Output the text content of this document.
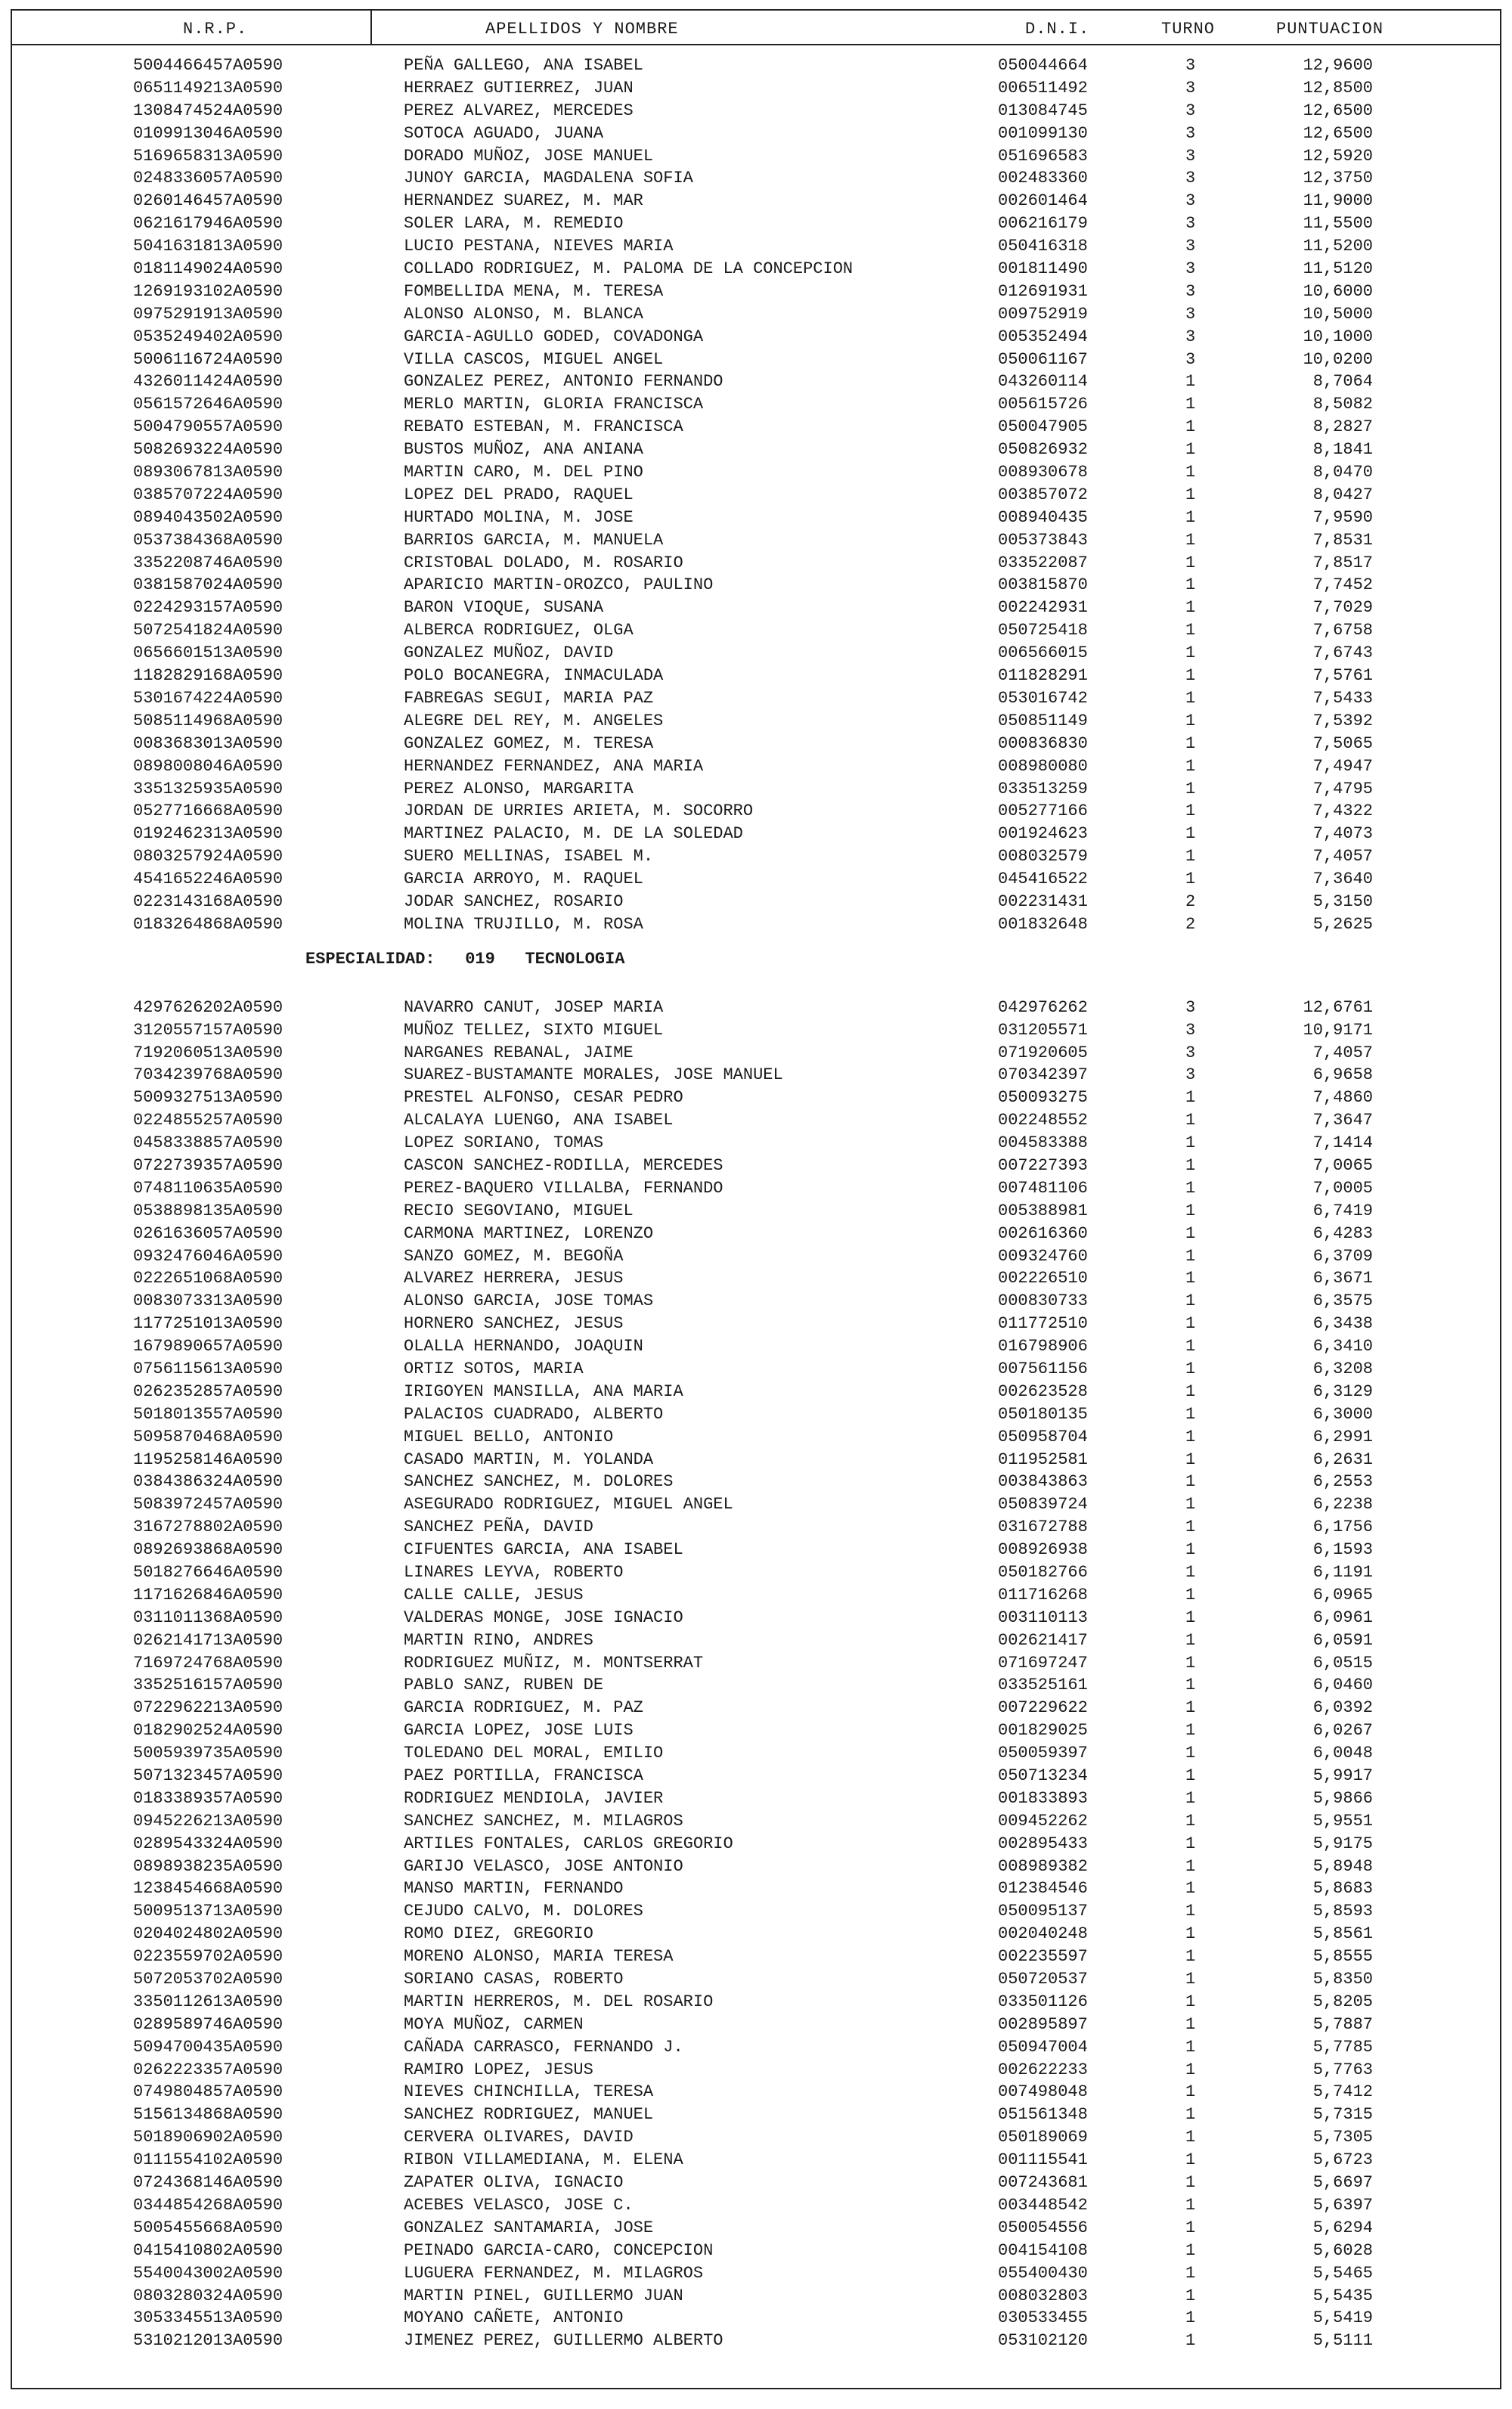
N.R.P.	APELLIDOS Y NOMBRE	D.N.I.	TURNO	PUNTUACION
5004466457A0590	PEÑA GALLEGO, ANA ISABEL	050044664	3	12,9600
0651149213A0590	HERRAEZ GUTIERREZ, JUAN	006511492	3	12,8500
1308474524A0590	PEREZ ALVAREZ, MERCEDES	013084745	3	12,6500
0109913046A0590	SOTOCA AGUADO, JUANA	001099130	3	12,6500
5169658313A0590	DORADO MUÑOZ, JOSE MANUEL	051696583	3	12,5920
0248336057A0590	JUNOY GARCIA, MAGDALENA SOFIA	002483360	3	12,3750
0260146457A0590	HERNANDEZ SUAREZ, M. MAR	002601464	3	11,9000
0621617946A0590	SOLER LARA, M. REMEDIO	006216179	3	11,5500
5041631813A0590	LUCIO PESTANA, NIEVES MARIA	050416318	3	11,5200
0181149024A0590	COLLADO RODRIGUEZ, M. PALOMA DE LA CONCEPCION	001811490	3	11,5120
1269193102A0590	FOMBELLIDA MENA, M. TERESA	012691931	3	10,6000
0975291913A0590	ALONSO ALONSO, M. BLANCA	009752919	3	10,5000
0535249402A0590	GARCIA-AGULLO GODED, COVADONGA	005352494	3	10,1000
5006116724A0590	VILLA CASCOS, MIGUEL ANGEL	050061167	3	10,0200
4326011424A0590	GONZALEZ PEREZ, ANTONIO FERNANDO	043260114	1	8,7064
0561572646A0590	MERLO MARTIN, GLORIA FRANCISCA	005615726	1	8,5082
5004790557A0590	REBATO ESTEBAN, M. FRANCISCA	050047905	1	8,2827
5082693224A0590	BUSTOS MUÑOZ, ANA ANIANA	050826932	1	8,1841
0893067813A0590	MARTIN CARO, M. DEL PINO	008930678	1	8,0470
0385707224A0590	LOPEZ DEL PRADO, RAQUEL	003857072	1	8,0427
0894043502A0590	HURTADO MOLINA, M. JOSE	008940435	1	7,9590
0537384368A0590	BARRIOS GARCIA, M. MANUELA	005373843	1	7,8531
3352208746A0590	CRISTOBAL DOLADO, M. ROSARIO	033522087	1	7,8517
0381587024A0590	APARICIO MARTIN-OROZCO, PAULINO	003815870	1	7,7452
0224293157A0590	BARON VIOQUE, SUSANA	002242931	1	7,7029
5072541824A0590	ALBERCA RODRIGUEZ, OLGA	050725418	1	7,6758
0656601513A0590	GONZALEZ MUÑOZ, DAVID	006566015	1	7,6743
1182829168A0590	POLO BOCANEGRA, INMACULADA	011828291	1	7,5761
5301674224A0590	FABREGAS SEGUI, MARIA PAZ	053016742	1	7,5433
5085114968A0590	ALEGRE DEL REY, M. ANGELES	050851149	1	7,5392
0083683013A0590	GONZALEZ GOMEZ, M. TERESA	000836830	1	7,5065
0898008046A0590	HERNANDEZ FERNANDEZ, ANA MARIA	008980080	1	7,4947
3351325935A0590	PEREZ ALONSO, MARGARITA	033513259	1	7,4795
0527716668A0590	JORDAN DE URRIES ARIETA, M. SOCORRO	005277166	1	7,4322
0192462313A0590	MARTINEZ PALACIO, M. DE LA SOLEDAD	001924623	1	7,4073
0803257924A0590	SUERO MELLINAS, ISABEL M.	008032579	1	7,4057
4541652246A0590	GARCIA ARROYO, M. RAQUEL	045416522	1	7,3640
0223143168A0590	JODAR SANCHEZ, ROSARIO	002231431	2	5,3150
0183264868A0590	MOLINA TRUJILLO, M. ROSA	001832648	2	5,2625
ESPECIALIDAD:   019   TECNOLOGIA
4297626202A0590	NAVARRO CANUT, JOSEP MARIA	042976262	3	12,6761
3120557157A0590	MUÑOZ TELLEZ, SIXTO MIGUEL	031205571	3	10,9171
7192060513A0590	NARGANES REBANAL, JAIME	071920605	3	7,4057
7034239768A0590	SUAREZ-BUSTAMANTE MORALES, JOSE MANUEL	070342397	3	6,9658
5009327513A0590	PRESTEL ALFONSO, CESAR PEDRO	050093275	1	7,4860
0224855257A0590	ALCALAYA LUENGO, ANA ISABEL	002248552	1	7,3647
0458338857A0590	LOPEZ SORIANO, TOMAS	004583388	1	7,1414
0722739357A0590	CASCON SANCHEZ-RODILLA, MERCEDES	007227393	1	7,0065
0748110635A0590	PEREZ-BAQUERO VILLALBA, FERNANDO	007481106	1	7,0005
0538898135A0590	RECIO SEGOVIANO, MIGUEL	005388981	1	6,7419
0261636057A0590	CARMONA MARTINEZ, LORENZO	002616360	1	6,4283
0932476046A0590	SANZO GOMEZ, M. BEGOÑA	009324760	1	6,3709
0222651068A0590	ALVAREZ HERRERA, JESUS	002226510	1	6,3671
0083073313A0590	ALONSO GARCIA, JOSE TOMAS	000830733	1	6,3575
1177251013A0590	HORNERO SANCHEZ, JESUS	011772510	1	6,3438
1679890657A0590	OLALLA HERNANDO, JOAQUIN	016798906	1	6,3410
0756115613A0590	ORTIZ SOTOS, MARIA	007561156	1	6,3208
0262352857A0590	IRIGOYEN MANSILLA, ANA MARIA	002623528	1	6,3129
5018013557A0590	PALACIOS CUADRADO, ALBERTO	050180135	1	6,3000
5095870468A0590	MIGUEL BELLO, ANTONIO	050958704	1	6,2991
1195258146A0590	CASADO MARTIN, M. YOLANDA	011952581	1	6,2631
0384386324A0590	SANCHEZ SANCHEZ, M. DOLORES	003843863	1	6,2553
5083972457A0590	ASEGURADO RODRIGUEZ, MIGUEL ANGEL	050839724	1	6,2238
3167278802A0590	SANCHEZ PEÑA, DAVID	031672788	1	6,1756
0892693868A0590	CIFUENTES GARCIA, ANA ISABEL	008926938	1	6,1593
5018276646A0590	LINARES LEYVA, ROBERTO	050182766	1	6,1191
1171626846A0590	CALLE CALLE, JESUS	011716268	1	6,0965
0311011368A0590	VALDERAS MONGE, JOSE IGNACIO	003110113	1	6,0961
0262141713A0590	MARTIN RINO, ANDRES	002621417	1	6,0591
7169724768A0590	RODRIGUEZ MUÑIZ, M. MONTSERRAT	071697247	1	6,0515
3352516157A0590	PABLO SANZ, RUBEN DE	033525161	1	6,0460
0722962213A0590	GARCIA RODRIGUEZ, M. PAZ	007229622	1	6,0392
0182902524A0590	GARCIA LOPEZ, JOSE LUIS	001829025	1	6,0267
5005939735A0590	TOLEDANO DEL MORAL, EMILIO	050059397	1	6,0048
5071323457A0590	PAEZ PORTILLA, FRANCISCA	050713234	1	5,9917
0183389357A0590	RODRIGUEZ MENDIOLA, JAVIER	001833893	1	5,9866
0945226213A0590	SANCHEZ SANCHEZ, M. MILAGROS	009452262	1	5,9551
0289543324A0590	ARTILES FONTALES, CARLOS GREGORIO	002895433	1	5,9175
0898938235A0590	GARIJO VELASCO, JOSE ANTONIO	008989382	1	5,8948
1238454668A0590	MANSO MARTIN, FERNANDO	012384546	1	5,8683
5009513713A0590	CEJUDO CALVO, M. DOLORES	050095137	1	5,8593
0204024802A0590	ROMO DIEZ, GREGORIO	002040248	1	5,8561
0223559702A0590	MORENO ALONSO, MARIA TERESA	002235597	1	5,8555
5072053702A0590	SORIANO CASAS, ROBERTO	050720537	1	5,8350
3350112613A0590	MARTIN HERREROS, M. DEL ROSARIO	033501126	1	5,8205
0289589746A0590	MOYA MUÑOZ, CARMEN	002895897	1	5,7887
5094700435A0590	CAÑADA CARRASCO, FERNANDO J.	050947004	1	5,7785
0262223357A0590	RAMIRO LOPEZ, JESUS	002622233	1	5,7763
0749804857A0590	NIEVES CHINCHILLA, TERESA	007498048	1	5,7412
5156134868A0590	SANCHEZ RODRIGUEZ, MANUEL	051561348	1	5,7315
5018906902A0590	CERVERA OLIVARES, DAVID	050189069	1	5,7305
0111554102A0590	RIBON VILLAMEDIANA, M. ELENA	001115541	1	5,6723
0724368146A0590	ZAPATER OLIVA, IGNACIO	007243681	1	5,6697
0344854268A0590	ACEBES VELASCO, JOSE C.	003448542	1	5,6397
5005455668A0590	GONZALEZ SANTAMARIA, JOSE	050054556	1	5,6294
0415410802A0590	PEINADO GARCIA-CARO, CONCEPCION	004154108	1	5,6028
5540043002A0590	LUGUERA FERNANDEZ, M. MILAGROS	055400430	1	5,5465
0803280324A0590	MARTIN PINEL, GUILLERMO JUAN	008032803	1	5,5435
3053345513A0590	MOYANO CAÑETE, ANTONIO	030533455	1	5,5419
5310212013A0590	JIMENEZ PEREZ, GUILLERMO ALBERTO	053102120	1	5,5111
